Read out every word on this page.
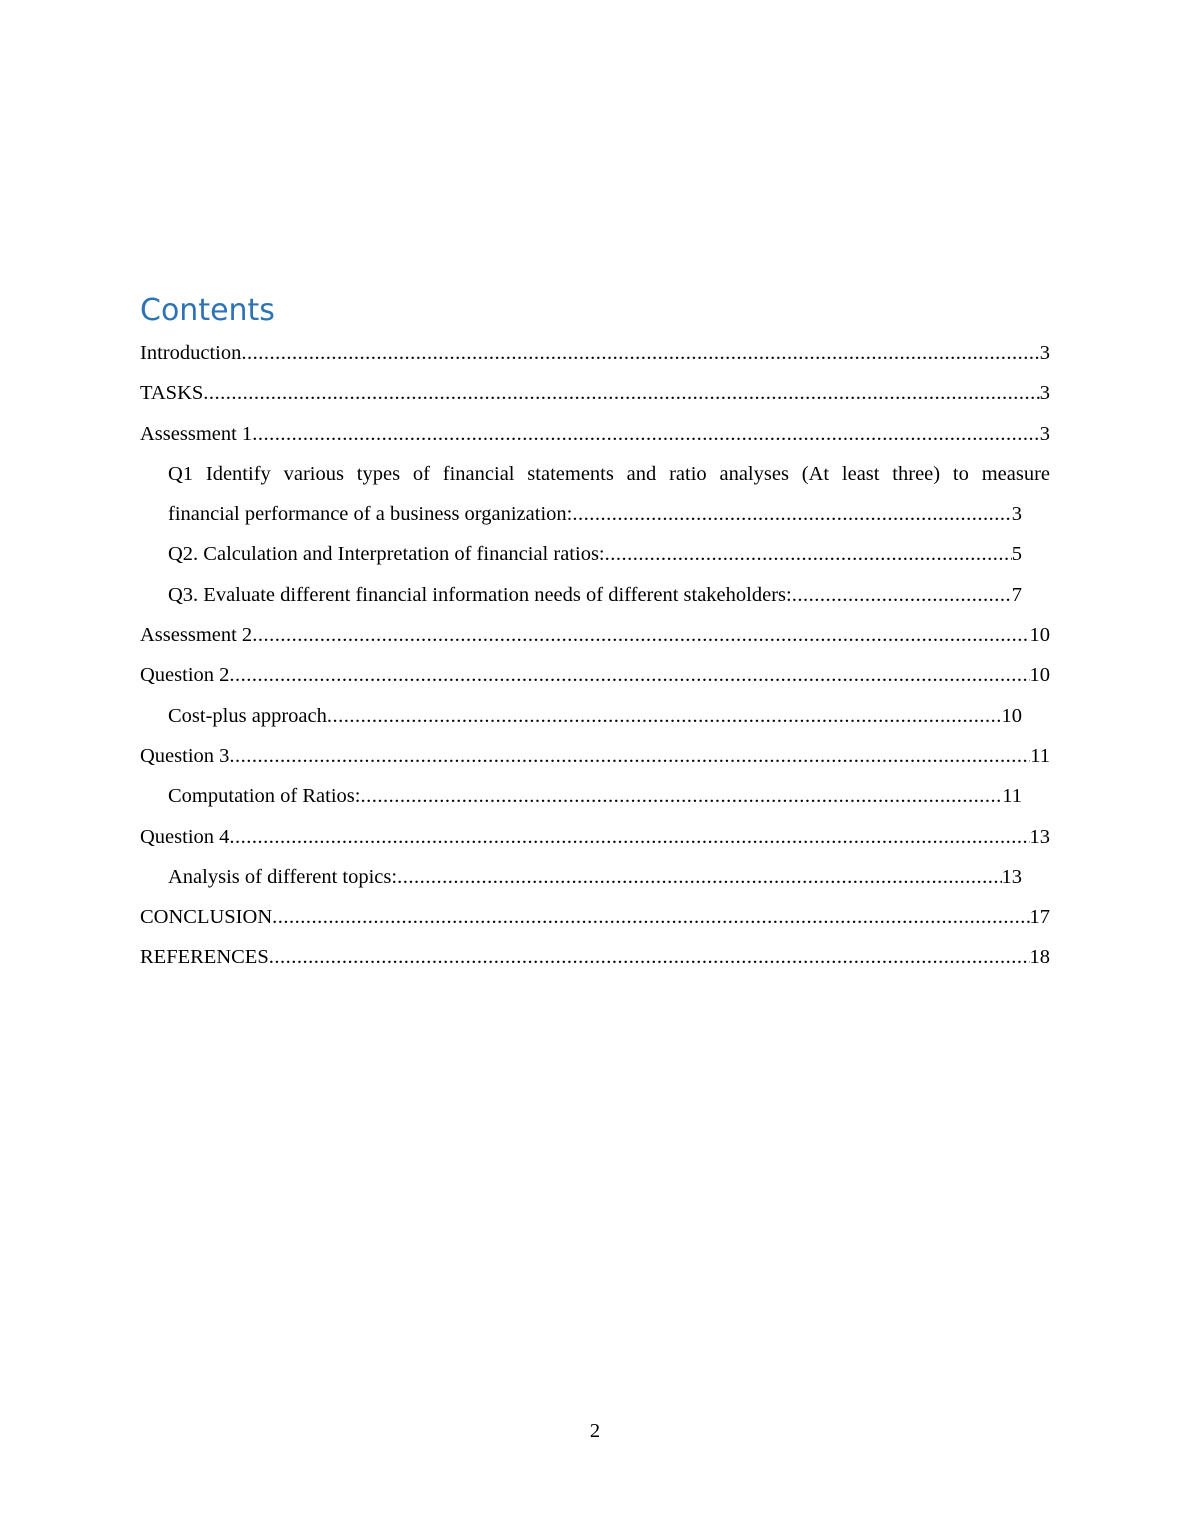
Contents
Introduction .....	3
TASKS .....	3
Assessment 1 .....	3
Q1 Identify various types of financial statements and ratio analyses (At least three) to measure
financial performance of a business organization: .....	3
Q2. Calculation and Interpretation of financial ratios: .....	5
Q3. Evaluate different financial information needs of different stakeholders: .....	7
Assessment 2 .....	10
Question 2 .....	10
Cost-plus approach .....	10
Question 3 .....	11
Computation of Ratios: .....	11
Question 4 .....	13
Analysis of different topics: .....	13
CONCLUSION .....	17
REFERENCES .....	18
2
